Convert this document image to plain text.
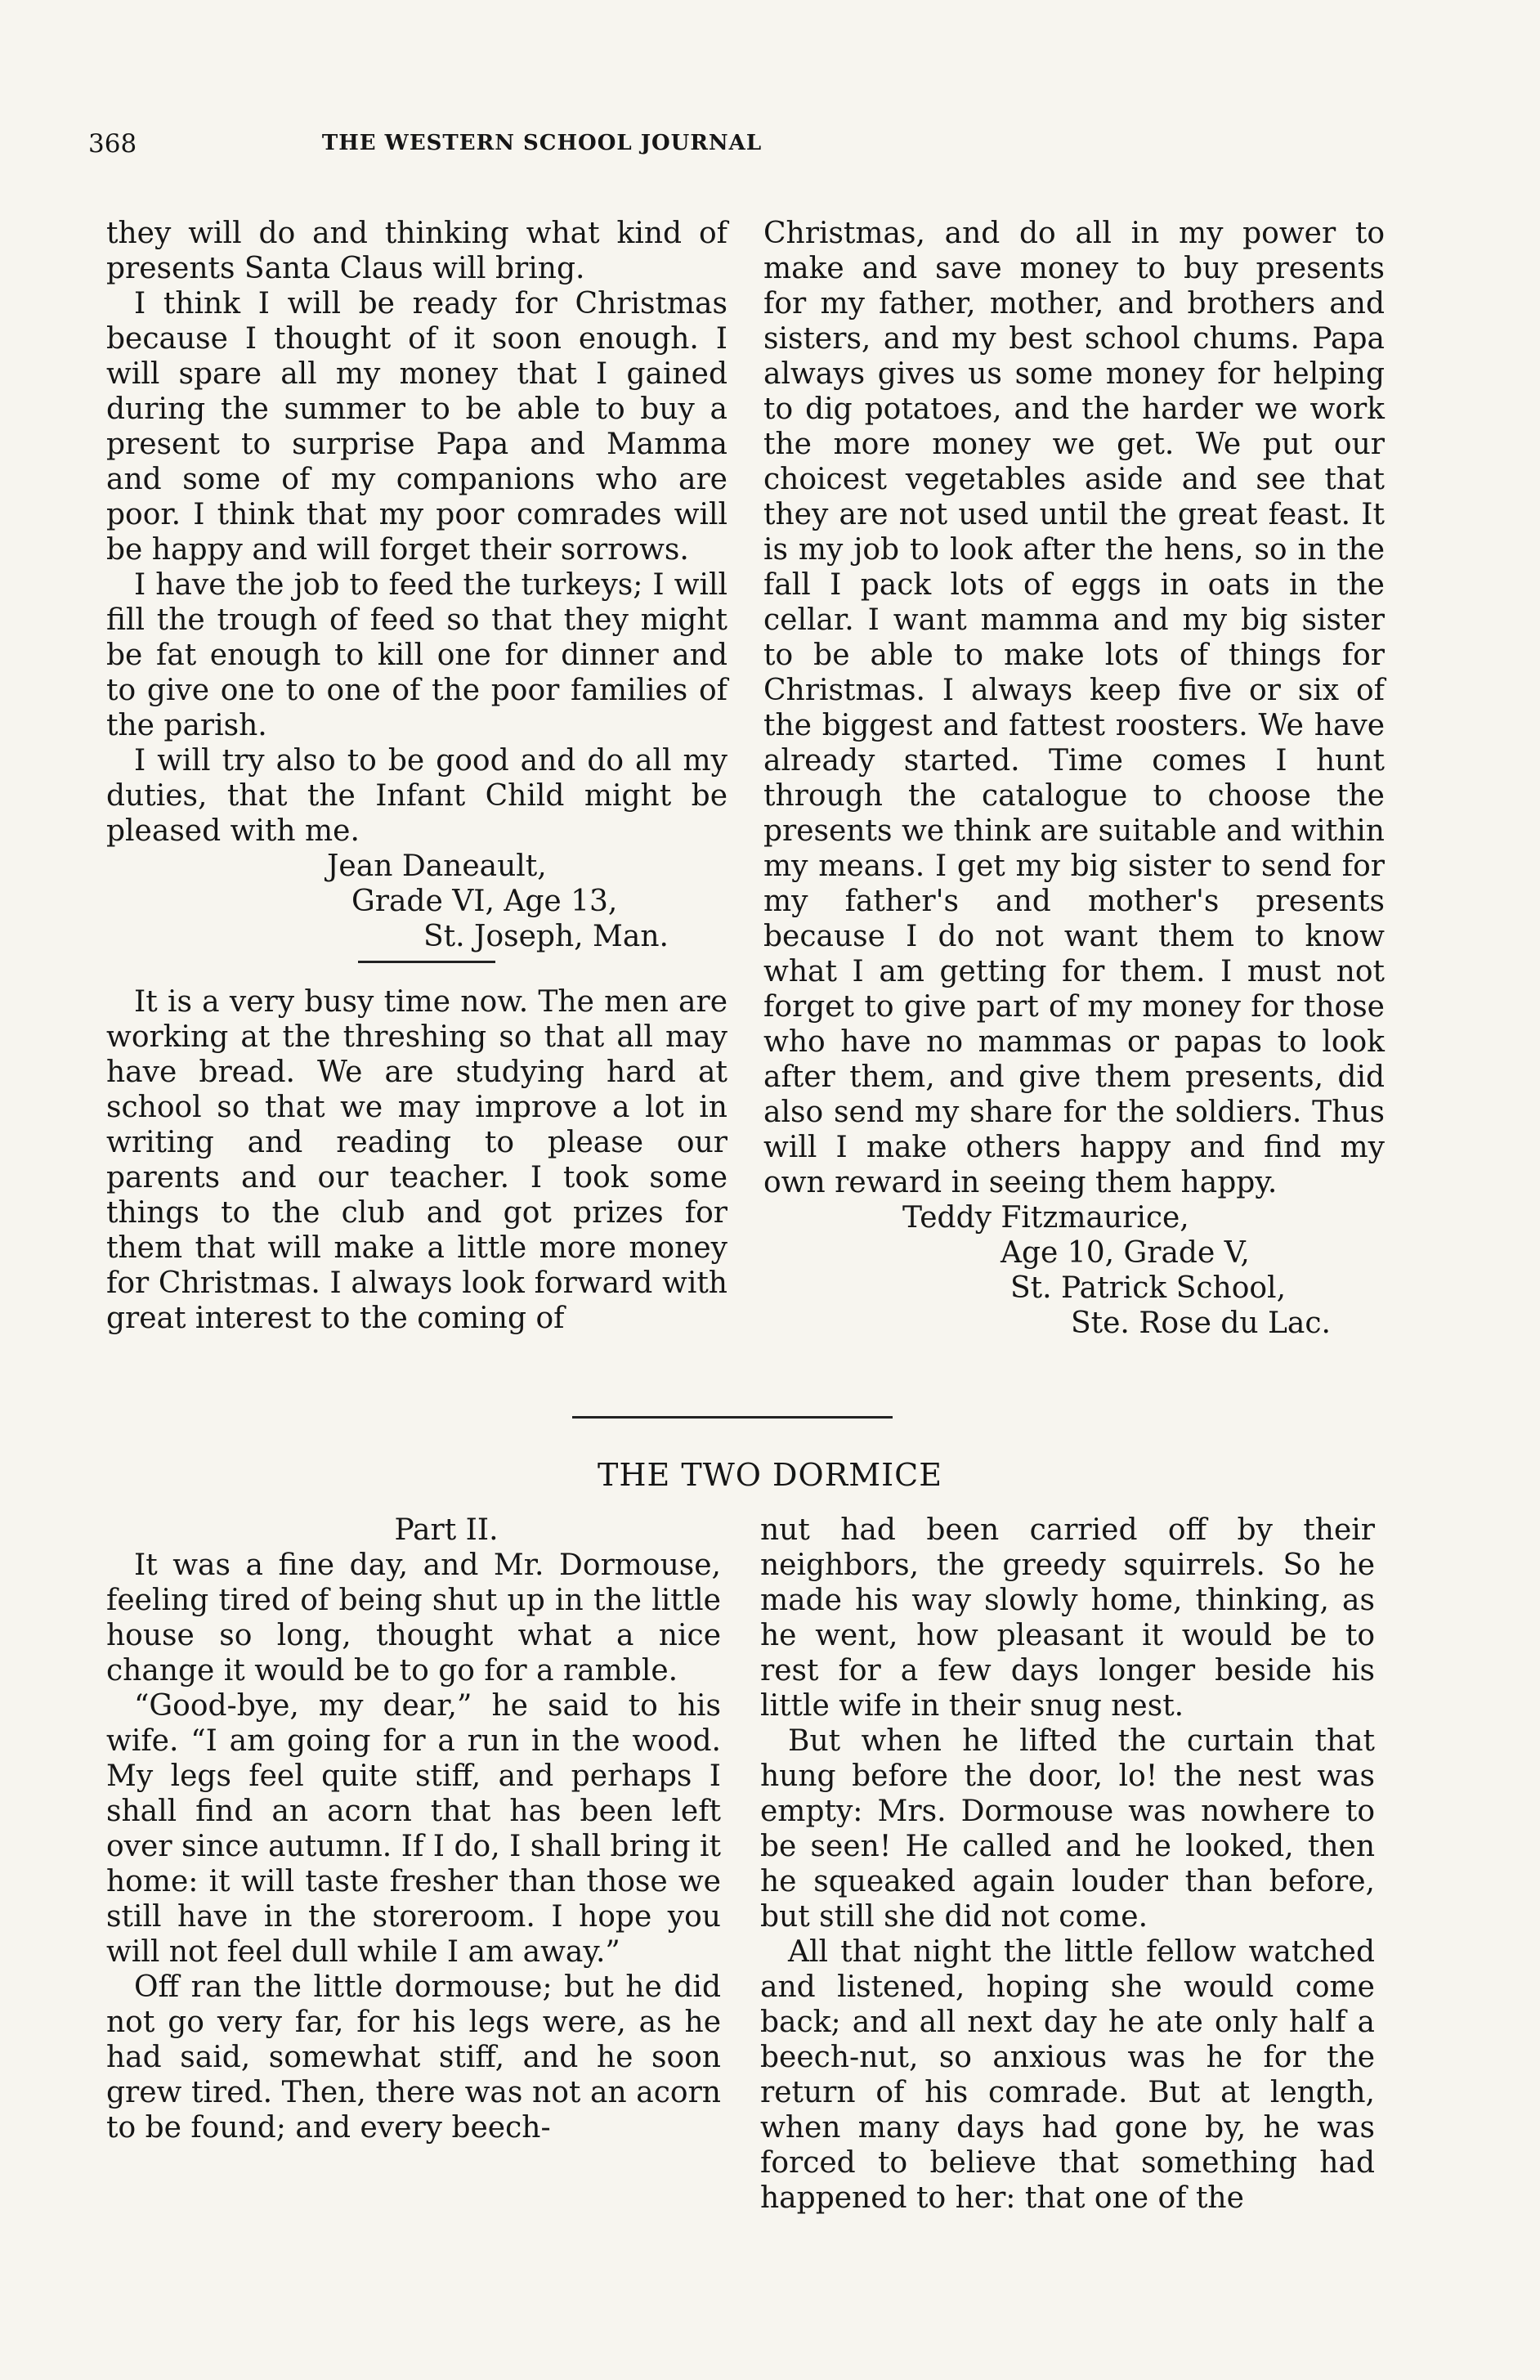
368	THE WESTERN SCHOOL JOURNAL

they will do and thinking what kind of presents Santa Claus will bring.

I think I will be ready for Christmas because I thought of it soon enough. I will spare all my money that I gained during the summer to be able to buy a present to surprise Papa and Mamma and some of my companions who are poor. I think that my poor comrades will be happy and will forget their sorrows.

I have the job to feed the turkeys; I will fill the trough of feed so that they might be fat enough to kill one for dinner and to give one to one of the poor families of the parish.

I will try also to be good and do all my duties, that the Infant Child might be pleased with me.

Jean Daneault,
Grade VI, Age 13,
St. Joseph, Man.

It is a very busy time now. The men are working at the threshing so that all may have bread. We are studying hard at school so that we may improve a lot in writing and reading to please our parents and our teacher. I took some things to the club and got prizes for them that will make a little more money for Christmas. I always look forward with great interest to the coming of

Christmas, and do all in my power to make and save money to buy presents for my father, mother, and brothers and sisters, and my best school chums. Papa always gives us some money for helping to dig potatoes, and the harder we work the more money we get. We put our choicest vegetables aside and see that they are not used until the great feast. It is my job to look after the hens, so in the fall I pack lots of eggs in oats in the cellar. I want mamma and my big sister to be able to make lots of things for Christmas. I always keep five or six of the biggest and fattest roosters. We have already started. Time comes I hunt through the catalogue to choose the presents we think are suitable and within my means. I get my big sister to send for my father's and mother's presents because I do not want them to know what I am getting for them. I must not forget to give part of my money for those who have no mammas or papas to look after them, and give them presents, did also send my share for the soldiers. Thus will I make others happy and find my own reward in seeing them happy.

Teddy Fitzmaurice,
Age 10, Grade V,
St. Patrick School,
Ste. Rose du Lac.
THE TWO DORMICE

Part II.

It was a fine day, and Mr. Dormouse, feeling tired of being shut up in the little house so long, thought what a nice change it would be to go for a ramble.

“Good-bye, my dear,” he said to his wife. “I am going for a run in the wood. My legs feel quite stiff, and perhaps I shall find an acorn that has been left over since autumn. If I do, I shall bring it home: it will taste fresher than those we still have in the storeroom. I hope you will not feel dull while I am away.”

Off ran the little dormouse; but he did not go very far, for his legs were, as he had said, somewhat stiff, and he soon grew tired. Then, there was not an acorn to be found; and every beech-

nut had been carried off by their neighbors, the greedy squirrels. So he made his way slowly home, thinking, as he went, how pleasant it would be to rest for a few days longer beside his little wife in their snug nest.

But when he lifted the curtain that hung before the door, lo! the nest was empty: Mrs. Dormouse was nowhere to be seen! He called and he looked, then he squeaked again louder than before, but still she did not come.

All that night the little fellow watched and listened, hoping she would come back; and all next day he ate only half a beech-nut, so anxious was he for the return of his comrade. But at length, when many days had gone by, he was forced to believe that something had happened to her: that one of the
